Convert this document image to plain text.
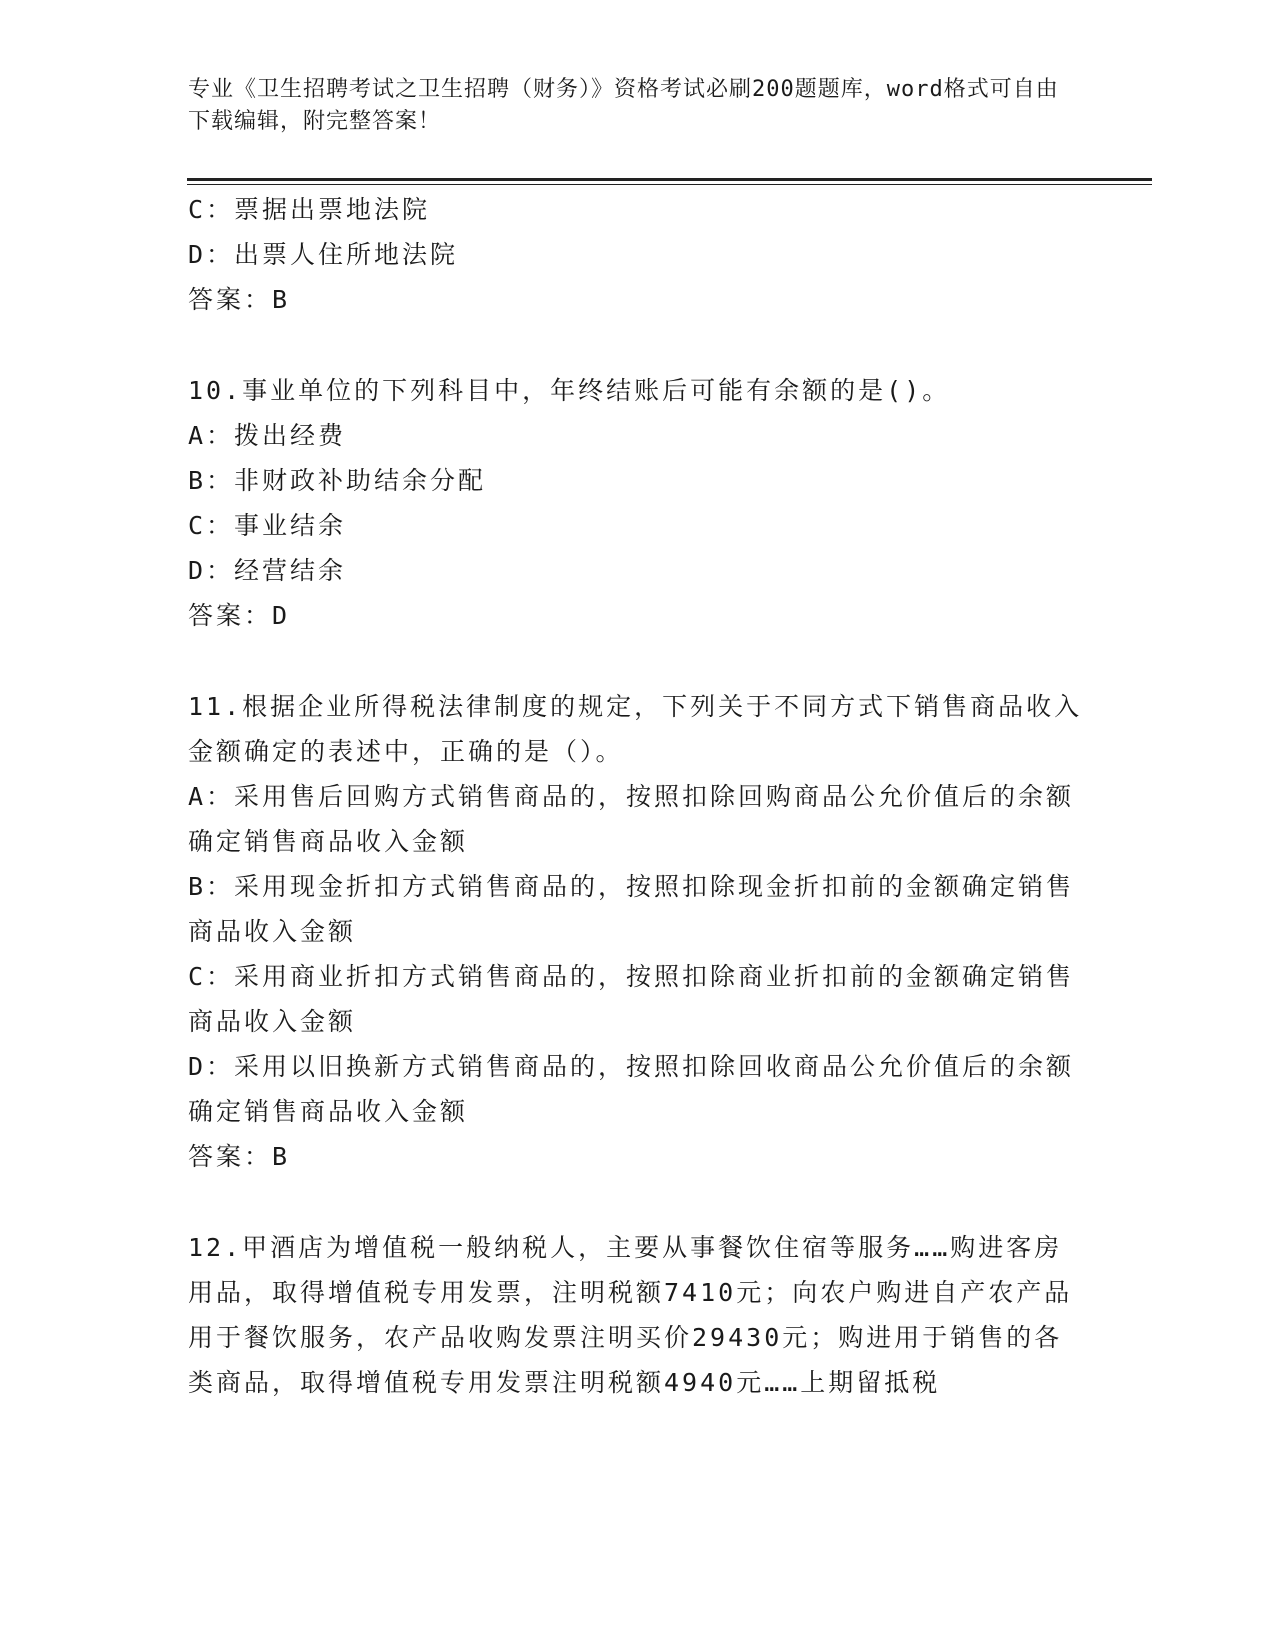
专业《卫生招聘考试之卫生招聘（财务）》资格考试必刷200题题库，word格式可自由下载编辑，附完整答案！
C：票据出票地法院
D：出票人住所地法院
答案：B
10.事业单位的下列科目中，年终结账后可能有余额的是()。
A：拨出经费
B：非财政补助结余分配
C：事业结余
D：经营结余
答案：D
11.根据企业所得税法律制度的规定，下列关于不同方式下销售商品收入金额确定的表述中，正确的是（）。
A：采用售后回购方式销售商品的，按照扣除回购商品公允价值后的余额确定销售商品收入金额
B：采用现金折扣方式销售商品的，按照扣除现金折扣前的金额确定销售商品收入金额
C：采用商业折扣方式销售商品的，按照扣除商业折扣前的金额确定销售商品收入金额
D：采用以旧换新方式销售商品的，按照扣除回收商品公允价值后的余额确定销售商品收入金额
答案：B
12.甲酒店为增值税一般纳税人，主要从事餐饮住宿等服务……购进客房用品，取得增值税专用发票，注明税额7410元；向农户购进自产农产品用于餐饮服务，农产品收购发票注明买价29430元；购进用于销售的各类商品，取得增值税专用发票注明税额4940元……上期留抵税
